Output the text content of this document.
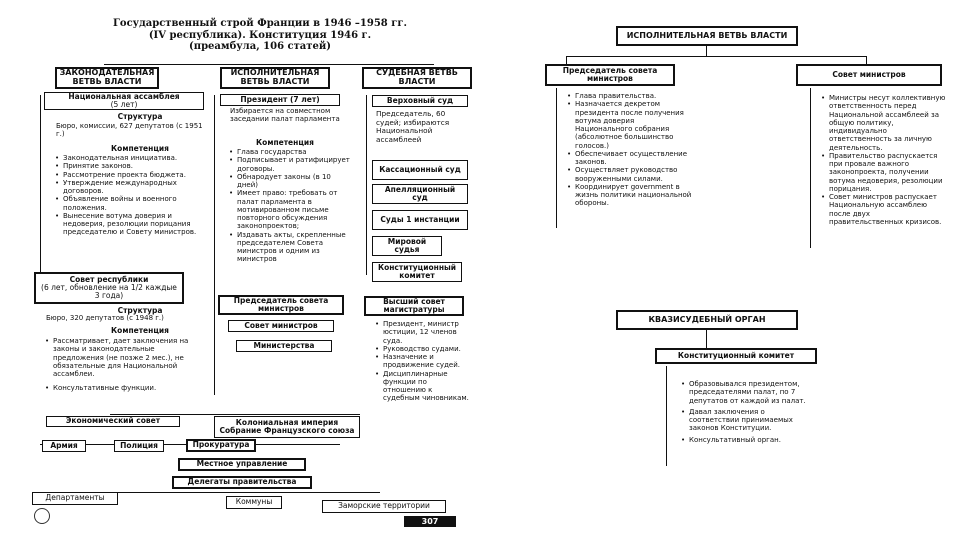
Государственный строй Франции в 1946 –1958 гг.
(IV республика). Конституция 1946 г.
(преамбула, 106 статей)
ЗАКОНОДАТЕЛЬНАЯ ВЕТВЬ ВЛАСТИ
ИСПОЛНИТЕЛЬНАЯ ВЕТВЬ ВЛАСТИ
СУДЕБНАЯ ВЕТВЬ ВЛАСТИ
Национальная ассамблея
(5 лет)
Структура
Бюро, комиссии, 627 депутатов (с 1951 г.)
Компетенция
• Законодательная инициатива.
• Принятие законов.
• Рассмотрение проекта бюджета.
• Утверждение международных договоров.
• Объявление войны и военного положения.
• Вынесение вотума доверия и недоверия, резолюции порицания председателю и Совету министров.
Совет республики
(6 лет, обновление на 1/2 каждые 3 года)
Структура
Бюро, 320 депутатов (с 1948 г.)
Компетенция
• Рассматривает, дает заключения на законы и законодательные предложения (не позже 2 мес.), не обязательные для Национальной ассамблеи.
• Консультативные функции.
Президент (7 лет)
Избирается на совместном заседании палат парламента
Компетенция
• Глава государства
• Подписывает и ратифицирует договоры.
• Обнародует законы (в 10 дней)
• Имеет право: требовать от палат парламента в мотивированном письме повторного обсуждения законопроектов;
• Издавать акты, скрепленные председателем Совета министров и одним из министров
Председатель совета министров
Совет министров
Министерства
Верховный суд
Председатель, 60 судей; избираются Национальной ассамблеей
Кассационный суд
Апелляционный суд
Суды 1 инстанции
Мировой судья
Конституционный комитет
Высший совет магистратуры
• Президент, министр юстиции, 12 членов суда.
• Руководство судами.
• Назначение и продвижение судей.
• Дисциплинарные функции по отношению к судебным чиновникам.
Экономический совет	Колониальная империя
Собрание Французского союза
Армия	Полиция	Прокуратура
Местное управление
Делегаты правительства
Департаменты	Коммуны	Заморские территории
307
ИСПОЛНИТЕЛЬНАЯ ВЕТВЬ ВЛАСТИ
Председатель совета министров
• Глава правительства.
• Назначается декретом президента после получения вотума доверия Национального собрания (абсолютное большинство голосов.)
• Обеспечивает осуществление законов.
• Осуществляет руководство вооруженными силами.
• Координирует government в жизнь политики национальной обороны.
Совет министров
• Министры несут коллективную ответственность перед Национальной ассамблеей за общую политику, индивидуально ответственность за личную деятельность.
• Правительство распускается при провале важного законопроекта, получении вотума недоверия, резолюции порицания.
• Совет министров распускает Национальную ассамблею после двух правительственных кризисов.
КВАЗИСУДЕБНЫЙ ОРГАН
Конституционный комитет
• Образовывался президентом, председателями палат, по 7 депутатов от каждой из палат.
• Давал заключения о соответствии принимаемых законов Конституции.
• Консультативный орган.
